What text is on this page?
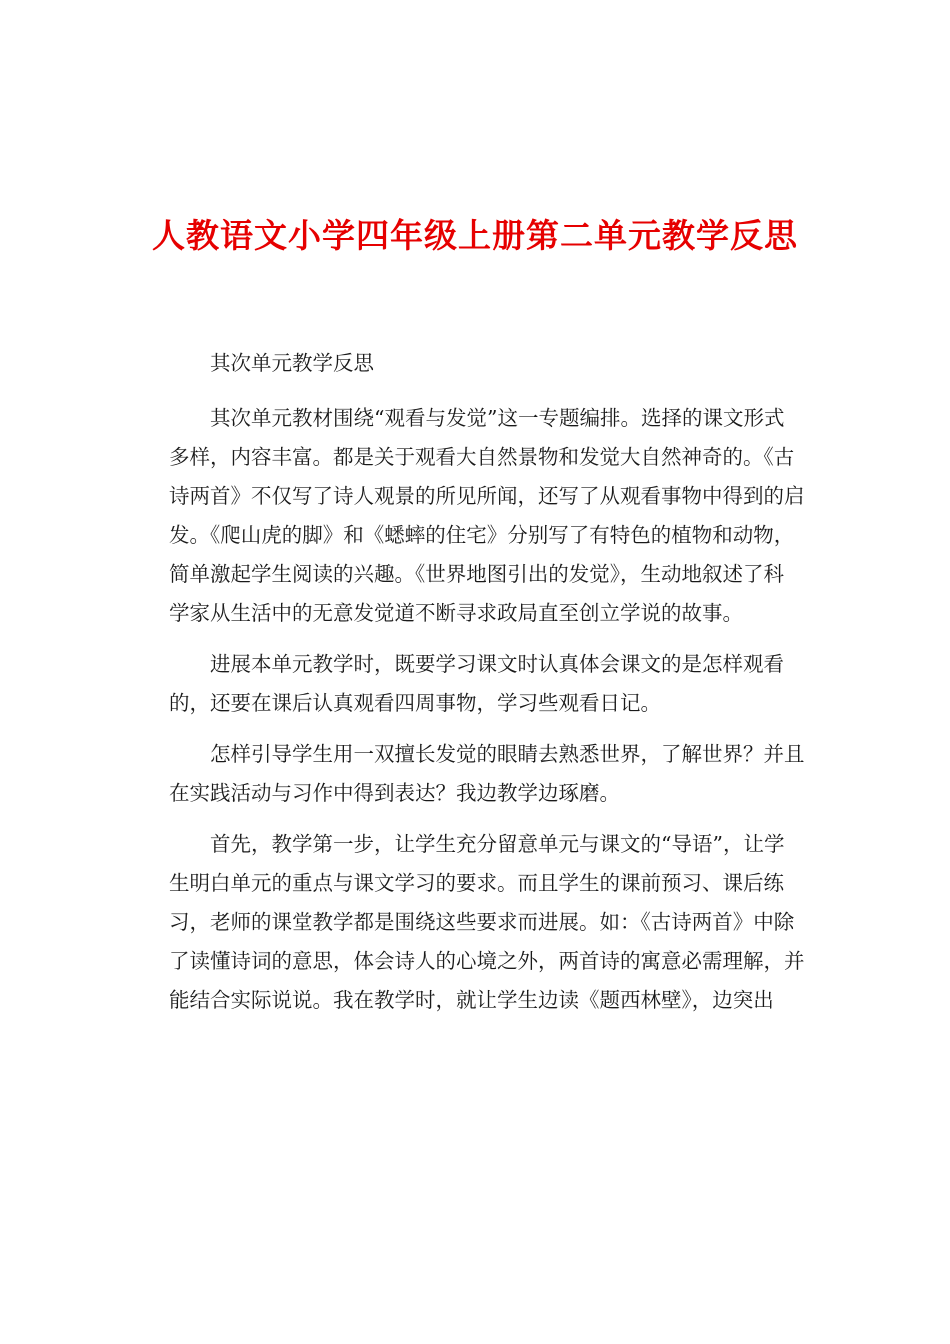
人教语文小学四年级上册第二单元教学反思
其次单元教学反思
其次单元教材围绕“观看与发觉”这一专题编排。选择的课文形式
多样，内容丰富。都是关于观看大自然景物和发觉大自然神奇的。《古
诗两首》不仅写了诗人观景的所见所闻，还写了从观看事物中得到的启
发。《爬山虎的脚》和《蟋蟀的住宅》分别写了有特色的植物和动物，
简单激起学生阅读的兴趣。《世界地图引出的发觉》，生动地叙述了科
学家从生活中的无意发觉道不断寻求政局直至创立学说的故事。
进展本单元教学时，既要学习课文时认真体会课文的是怎样观看
的，还要在课后认真观看四周事物，学习些观看日记。
怎样引导学生用一双擅长发觉的眼睛去熟悉世界，了解世界？并且
在实践活动与习作中得到表达？我边教学边琢磨。
首先，教学第一步，让学生充分留意单元与课文的“导语”，让学
生明白单元的重点与课文学习的要求。而且学生的课前预习、课后练
习，老师的课堂教学都是围绕这些要求而进展。如：《古诗两首》中除
了读懂诗词的意思，体会诗人的心境之外，两首诗的寓意必需理解，并
能结合实际说说。我在教学时，就让学生边读《题西林壁》，边突出
